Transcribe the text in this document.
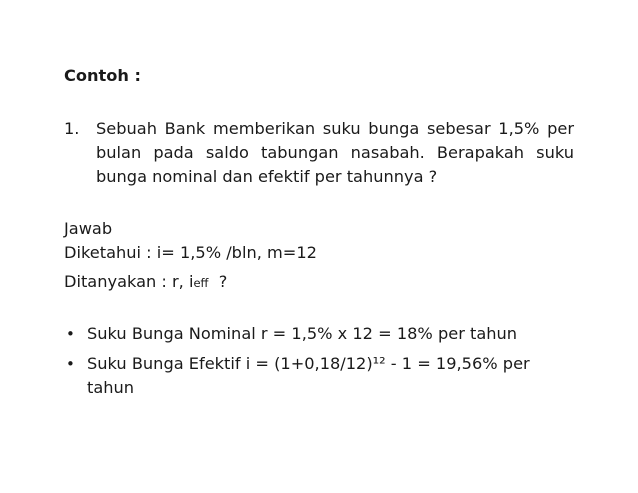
Contoh :
1. Sebuah Bank memberikan suku bunga sebesar 1,5% per
bulan pada saldo tabungan nasabah. Berapakah suku
bunga nominal dan efektif per tahunnya ?
Jawab
Diketahui : i= 1,5% /bln, m=12
Ditanyakan : r, ieff  ?
• Suku Bunga Nominal r = 1,5% x 12 = 18% per tahun
• Suku Bunga Efektif i = (1+0,18/12)¹² - 1 = 19,56% per
tahun
